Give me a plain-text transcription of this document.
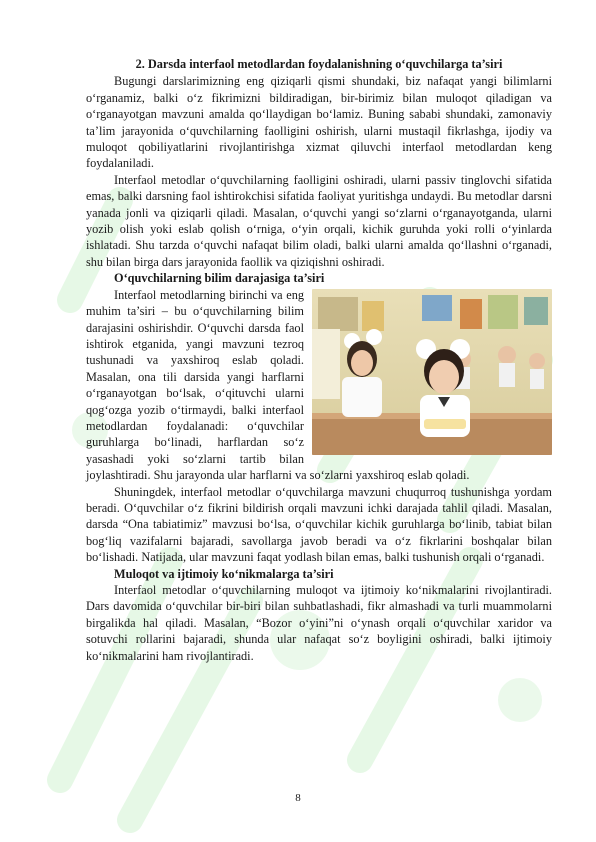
2. Darsda interfaol metodlardan foydalanishning o‘quvchilarga ta’siri

Bugungi darslarimizning eng qiziqarli qismi shundaki, biz nafaqat yangi bilimlarni o‘rganamiz, balki o‘z fikrimizni bildiradigan, bir-birimiz bilan muloqot qiladigan va o‘rganayotgan mavzuni amalda qo‘llaydigan bo‘lamiz. Buning sababi shundaki, zamonaviy ta’lim jarayonida o‘quvchilarning faolligini oshirish, ularni mustaqil fikrlashga, ijodiy va muloqot qobiliyatlarini rivojlantirishga xizmat qiluvchi interfaol metodlardan keng foydalaniladi.

Interfaol metodlar o‘quvchilarning faolligini oshiradi, ularni passiv tinglovchi sifatida emas, balki darsning faol ishtirokchisi sifatida faoliyat yuritishga undaydi. Bu metodlar darsni yanada jonli va qiziqarli qiladi. Masalan, o‘quvchi yangi so‘zlarni o‘rganayotganda, ularni yozib olish yoki eslab qolish o‘rniga, o‘yin orqali, kichik guruhda yoki rolli o‘yinlarda ishlatadi. Shu tarzda o‘quvchi nafaqat bilim oladi, balki ularni amalda qo‘llashni o‘rganadi, shu bilan birga dars jarayonida faollik va qiziqishni oshiradi.

O‘quvchilarning bilim darajasiga ta’siri

Interfaol metodlarning birinchi va eng muhim ta’siri – bu o‘quvchilarning bilim darajasini oshirishdir. O‘quvchi darsda faol ishtirok etganida, yangi mavzuni tezroq tushunadi va yaxshiroq eslab qoladi. Masalan, ona tili darsida yangi harflarni o‘rganayotgan bo‘lsak, o‘qituvchi ularni qog‘ozga yozib o‘tirmaydi, balki interfaol metodlardan foydalanadi: o‘quvchilar guruhlarga bo‘linadi, harflardan so‘z yasashadi yoki so‘zlarni tartib bilan joylashtiradi. Shu jarayonda ular harflarni va so‘zlarni yaxshiroq eslab qoladi.

Shuningdek, interfaol metodlar o‘quvchilarga mavzuni chuqurroq tushunishga yordam beradi. O‘quvchilar o‘z fikrini bildirish orqali mavzuni ichki darajada tahlil qiladi. Masalan, darsda “Ona tabiatimiz” mavzusi bo‘lsa, o‘quvchilar kichik guruhlarga bo‘linib, tabiat bilan bog‘liq vazifalarni bajaradi, savollarga javob beradi va o‘z fikrlarini boshqalar bilan bo‘lishadi. Natijada, ular mavzuni faqat yodlash bilan emas, balki tushunish orqali o‘rganadi.

Muloqot va ijtimoiy ko‘nikmalarga ta’siri

Interfaol metodlar o‘quvchilarning muloqot va ijtimoiy ko‘nikmalarini rivojlantiradi. Dars davomida o‘quvchilar bir-biri bilan suhbatlashadi, fikr almashadi va turli muammolarni birgalikda hal qiladi. Masalan, “Bozor o‘yini”ni o‘ynash orqali o‘quvchilar xaridor va sotuvchi rollarini bajaradi, shunda ular nafaqat so‘z boyligini oshiradi, balki ijtimoiy ko‘nikmalarini ham rivojlantiradi.

8
